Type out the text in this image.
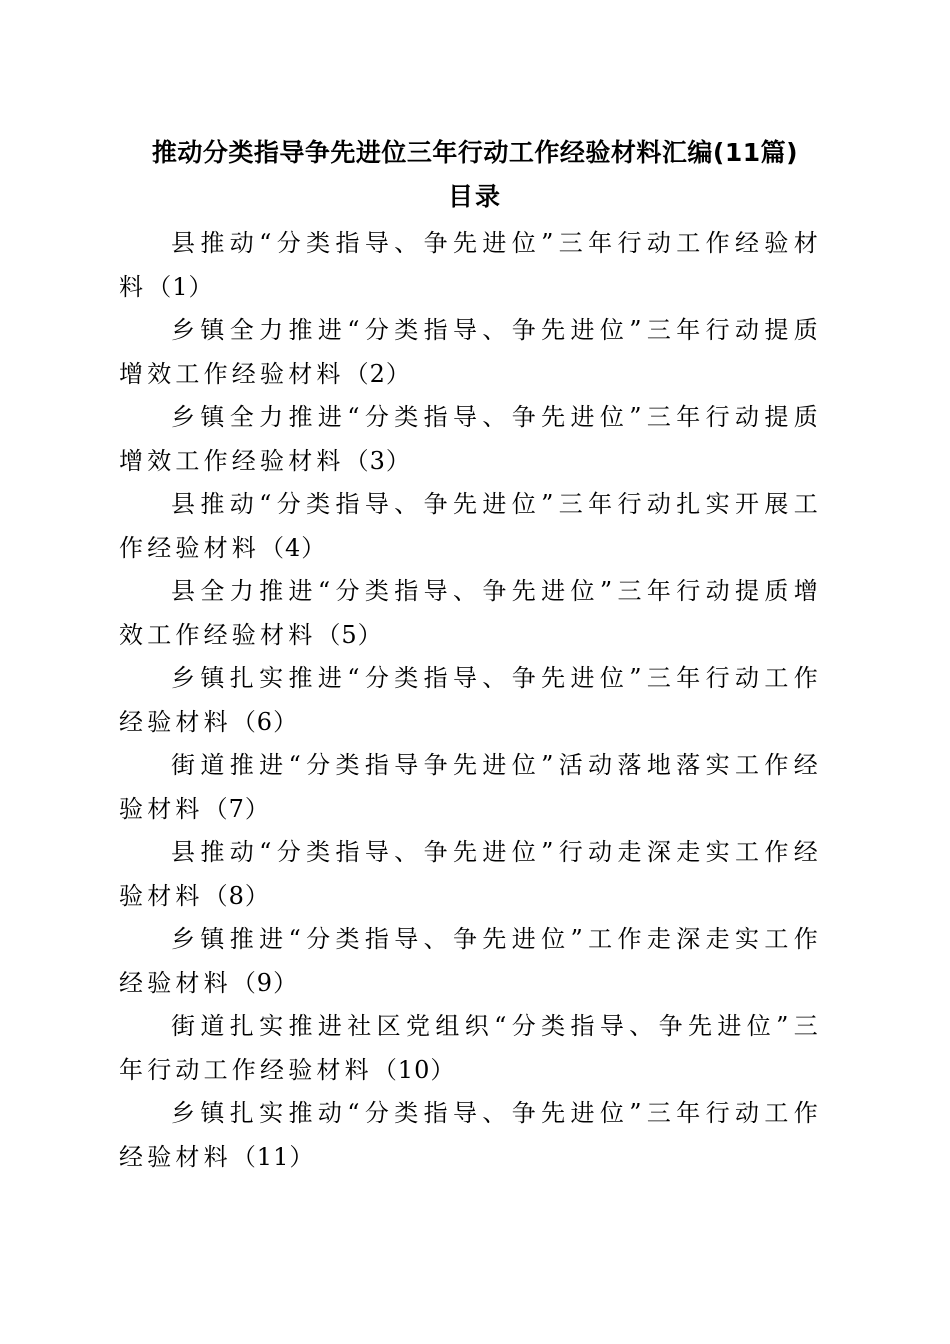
推动分类指导争先进位三年行动工作经验材料汇编(11篇)
目录
县推动“分类指导、争先进位”三年行动工作经验材料（1）
乡镇全力推进“分类指导、争先进位”三年行动提质增效工作经验材料（2）
乡镇全力推进“分类指导、争先进位”三年行动提质增效工作经验材料（3）
县推动“分类指导、争先进位”三年行动扎实开展工作经验材料（4）
县全力推进“分类指导、争先进位”三年行动提质增效工作经验材料（5）
乡镇扎实推进“分类指导、争先进位”三年行动工作经验材料（6）
街道推进“分类指导争先进位”活动落地落实工作经验材料（7）
县推动“分类指导、争先进位”行动走深走实工作经验材料（8）
乡镇推进“分类指导、争先进位”工作走深走实工作经验材料（9）
街道扎实推进社区党组织“分类指导、争先进位”三年行动工作经验材料（10）
乡镇扎实推动“分类指导、争先进位”三年行动工作经验材料（11）
